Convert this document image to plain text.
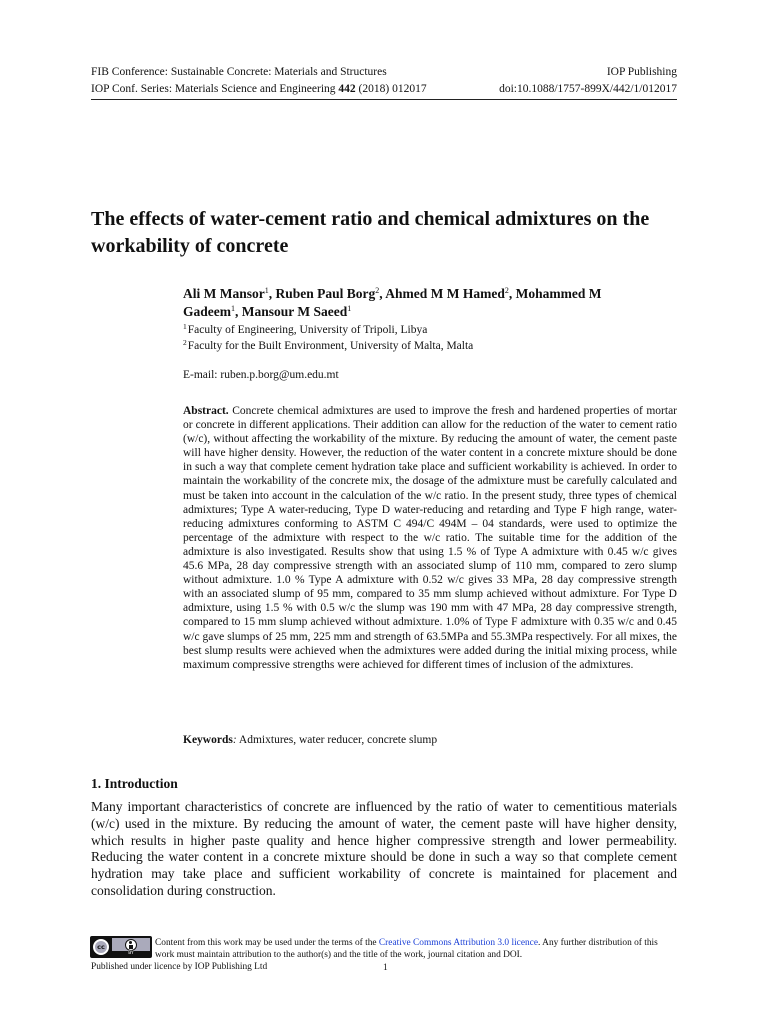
FIB Conference: Sustainable Concrete: Materials and Structures	IOP Publishing
IOP Conf. Series: Materials Science and Engineering 442 (2018) 012017	doi:10.1088/1757-899X/442/1/012017
The effects of water-cement ratio and chemical admixtures on the workability of concrete
Ali M Mansor$^1$, Ruben Paul Borg$^2$, Ahmed M M Hamed$^2$, Mohammed M Gadeem$^1$, Mansour M Saeed$^1$
$^1$Faculty of Engineering, University of Tripoli, Libya
$^2$Faculty for the Built Environment, University of Malta, Malta
E-mail: ruben.p.borg@um.edu.mt

Abstract. Concrete chemical admixtures are used to improve the fresh and hardened properties of mortar or concrete in different applications. Their addition can allow for the reduction of the water to cement ratio (w/c), without affecting the workability of the mixture. By reducing the amount of water, the cement paste will have higher density. However, the reduction of the water content in a concrete mixture should be done in such a way that complete cement hydration take place and sufficient workability is achieved. In order to maintain the workability of the concrete mix, the dosage of the admixture must be carefully calculated and must be taken into account in the calculation of the w/c ratio. In the present study, three types of chemical admixtures; Type A water-reducing, Type D water-reducing and retarding and Type F high range, water-reducing admixtures conforming to ASTM C 494/C 494M – 04 standards, were used to optimize the percentage of the admixture with respect to the w/c ratio. The suitable time for the addition of the admixture is also investigated. Results show that using 1.5 % of Type A admixture with 0.45 w/c gives 45.6 MPa, 28 day compressive strength with an associated slump of 110 mm, compared to zero slump without admixture. 1.0 % Type A admixture with 0.52 w/c gives 33 MPa, 28 day compressive strength with an associated slump of 95 mm, compared to 35 mm slump achieved without admixture. For Type D admixture, using 1.5 % with 0.5 w/c the slump was 190 mm with 47 MPa, 28 day compressive strength, compared to 15 mm slump achieved without admixture. 1.0% of Type F admixture with 0.35 w/c and 0.45 w/c gave slumps of 25 mm, 225 mm and strength of 63.5MPa and 55.3MPa respectively. For all mixes, the best slump results were achieved when the admixtures were added during the initial mixing process, while maximum compressive strengths were achieved for different times of inclusion of the admixtures.

Keywords: Admixtures, water reducer, concrete slump
1. Introduction

Many important characteristics of concrete are influenced by the ratio of water to cementitious materials (w/c) used in the mixture. By reducing the amount of water, the cement paste will have higher density, which results in higher paste quality and hence higher compressive strength and lower permeability. Reducing the water content in a concrete mixture should be done in such a way so that complete cement hydration may take place and sufficient workability of concrete is maintained for placement and consolidation during construction.

cc
BY
Content from this work may be used under the terms of the Creative Commons Attribution 3.0 licence. Any further distribution of this work must maintain attribution to the author(s) and the title of the work, journal citation and DOI.
Published under licence by IOP Publishing Ltd	1
